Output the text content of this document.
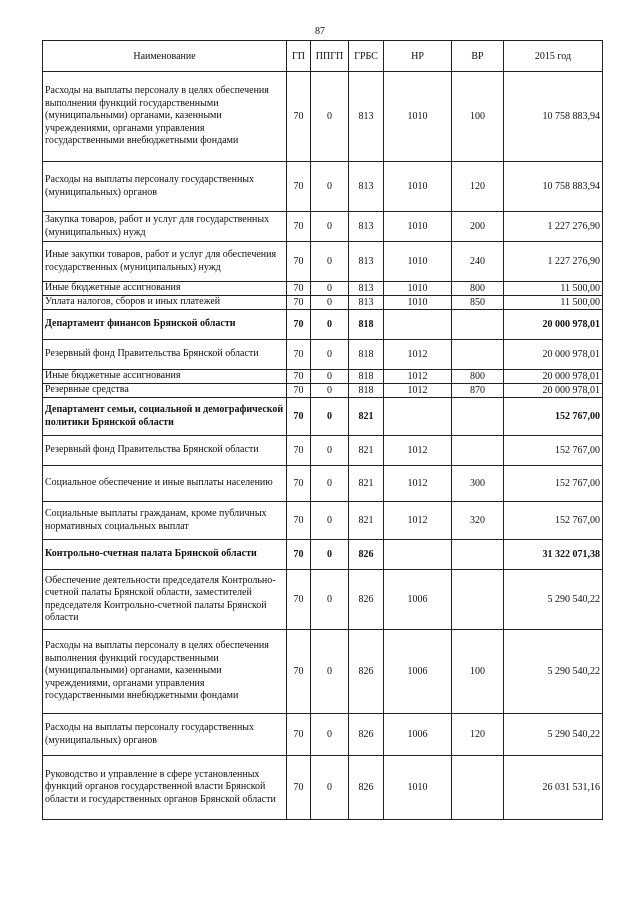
87
Наименование	ГП	ППГП	ГРБС	НР	ВР	2015 год
Расходы на выплаты персоналу в целях обеспечения выполнения функций государственными (муниципальными) органами, казенными учреждениями, органами управления государственными внебюджетными фондами	70	0	813	1010	100	10 758 883,94
Расходы на выплаты персоналу государственных (муниципальных) органов	70	0	813	1010	120	10 758 883,94
Закупка товаров, работ и услуг для государственных (муниципальных) нужд	70	0	813	1010	200	1 227 276,90
Иные закупки товаров, работ и услуг для обеспечения государственных (муниципальных) нужд	70	0	813	1010	240	1 227 276,90
Иные бюджетные ассигнования	70	0	813	1010	800	11 500,00
Уплата налогов, сборов и иных платежей	70	0	813	1010	850	11 500,00
Департамент финансов Брянской области	70	0	818			20 000 978,01
Резервный фонд Правительства Брянской области	70	0	818	1012		20 000 978,01
Иные бюджетные ассигнования	70	0	818	1012	800	20 000 978,01
Резервные средства	70	0	818	1012	870	20 000 978,01
Департамент семьи, социальной и демографической политики Брянской области	70	0	821			152 767,00
Резервный фонд Правительства Брянской области	70	0	821	1012		152 767,00
Социальное обеспечение и иные выплаты населению	70	0	821	1012	300	152 767,00
Социальные выплаты гражданам, кроме публичных нормативных социальных выплат	70	0	821	1012	320	152 767,00
Контрольно-счетная палата Брянской области	70	0	826			31 322 071,38
Обеспечение деятельности председателя Контрольно-счетной палаты Брянской области, заместителей председателя Контрольно-счетной палаты Брянской области	70	0	826	1006		5 290 540,22
Расходы на выплаты персоналу в целях обеспечения выполнения функций государственными (муниципальными) органами, казенными учреждениями, органами управления государственными внебюджетными фондами	70	0	826	1006	100	5 290 540,22
Расходы на выплаты персоналу государственных (муниципальных) органов	70	0	826	1006	120	5 290 540,22
Руководство и управление в сфере установленных функций органов государственной власти Брянской области и государственных органов Брянской области	70	0	826	1010		26 031 531,16
